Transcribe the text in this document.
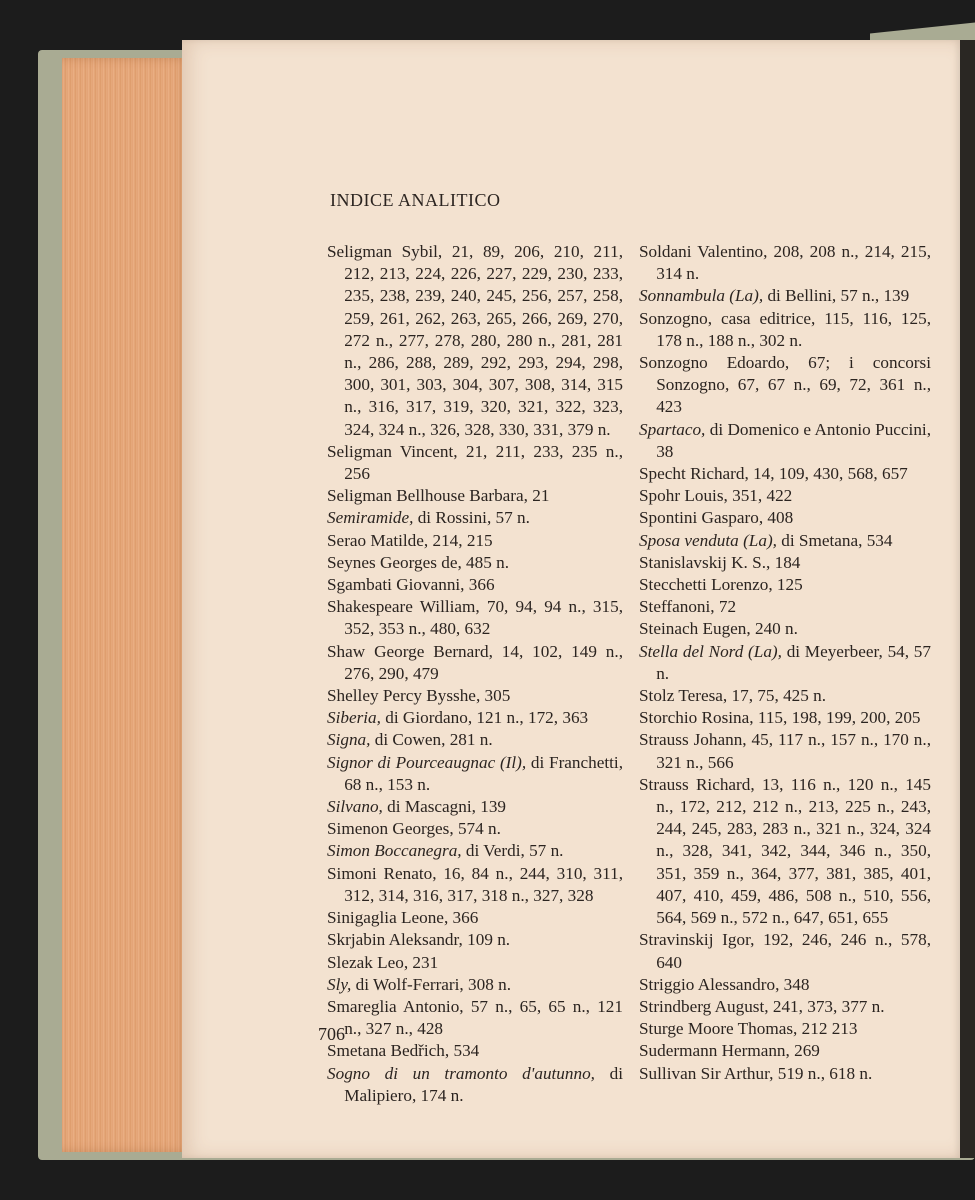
INDICE ANALITICO

Seligman Sybil, 21, 89, 206, 210, 211, 212, 213, 224, 226, 227, 229, 230, 233, 235, 238, 239, 240, 245, 256, 257, 258, 259, 261, 262, 263, 265, 266, 269, 270, 272 n., 277, 278, 280, 280 n., 281, 281 n., 286, 288, 289, 292, 293, 294, 298, 300, 301, 303, 304, 307, 308, 314, 315 n., 316, 317, 319, 320, 321, 322, 323, 324, 324 n., 326, 328, 330, 331, 379 n.

Seligman Vincent, 21, 211, 233, 235 n., 256

Seligman Bellhouse Barbara, 21

Semiramide, di Rossini, 57 n.

Serao Matilde, 214, 215

Seynes Georges de, 485 n.

Sgambati Giovanni, 366

Shakespeare William, 70, 94, 94 n., 315, 352, 353 n., 480, 632

Shaw George Bernard, 14, 102, 149 n., 276, 290, 479

Shelley Percy Bysshe, 305

Siberia, di Giordano, 121 n., 172, 363

Signa, di Cowen, 281 n.

Signor di Pourceaugnac (Il), di Franchetti, 68 n., 153 n.

Silvano, di Mascagni, 139

Simenon Georges, 574 n.

Simon Boccanegra, di Verdi, 57 n.

Simoni Renato, 16, 84 n., 244, 310, 311, 312, 314, 316, 317, 318 n., 327, 328

Sinigaglia Leone, 366

Skrjabin Aleksandr, 109 n.

Slezak Leo, 231

Sly, di Wolf-Ferrari, 308 n.

Smareglia Antonio, 57 n., 65, 65 n., 121 n., 327 n., 428

Smetana Bedřich, 534

Sogno di un tramonto d'autunno, di Malipiero, 174 n.

Soldani Valentino, 208, 208 n., 214, 215, 314 n.

Sonnambula (La), di Bellini, 57 n., 139

Sonzogno, casa editrice, 115, 116, 125, 178 n., 188 n., 302 n.

Sonzogno Edoardo, 67; i concorsi Sonzogno, 67, 67 n., 69, 72, 361 n., 423

Spartaco, di Domenico e Antonio Puccini, 38

Specht Richard, 14, 109, 430, 568, 657

Spohr Louis, 351, 422

Spontini Gasparo, 408

Sposa venduta (La), di Smetana, 534

Stanislavskij K. S., 184

Stecchetti Lorenzo, 125

Steffanoni, 72

Steinach Eugen, 240 n.

Stella del Nord (La), di Meyerbeer, 54, 57 n.

Stolz Teresa, 17, 75, 425 n.

Storchio Rosina, 115, 198, 199, 200, 205

Strauss Johann, 45, 117 n., 157 n., 170 n., 321 n., 566

Strauss Richard, 13, 116 n., 120 n., 145 n., 172, 212, 212 n., 213, 225 n., 243, 244, 245, 283, 283 n., 321 n., 324, 324 n., 328, 341, 342, 344, 346 n., 350, 351, 359 n., 364, 377, 381, 385, 401, 407, 410, 459, 486, 508 n., 510, 556, 564, 569 n., 572 n., 647, 651, 655

Stravinskij Igor, 192, 246, 246 n., 578, 640

Striggio Alessandro, 348

Strindberg August, 241, 373, 377 n.

Sturge Moore Thomas, 212 213

Sudermann Hermann, 269

Sullivan Sir Arthur, 519 n., 618 n.

706
